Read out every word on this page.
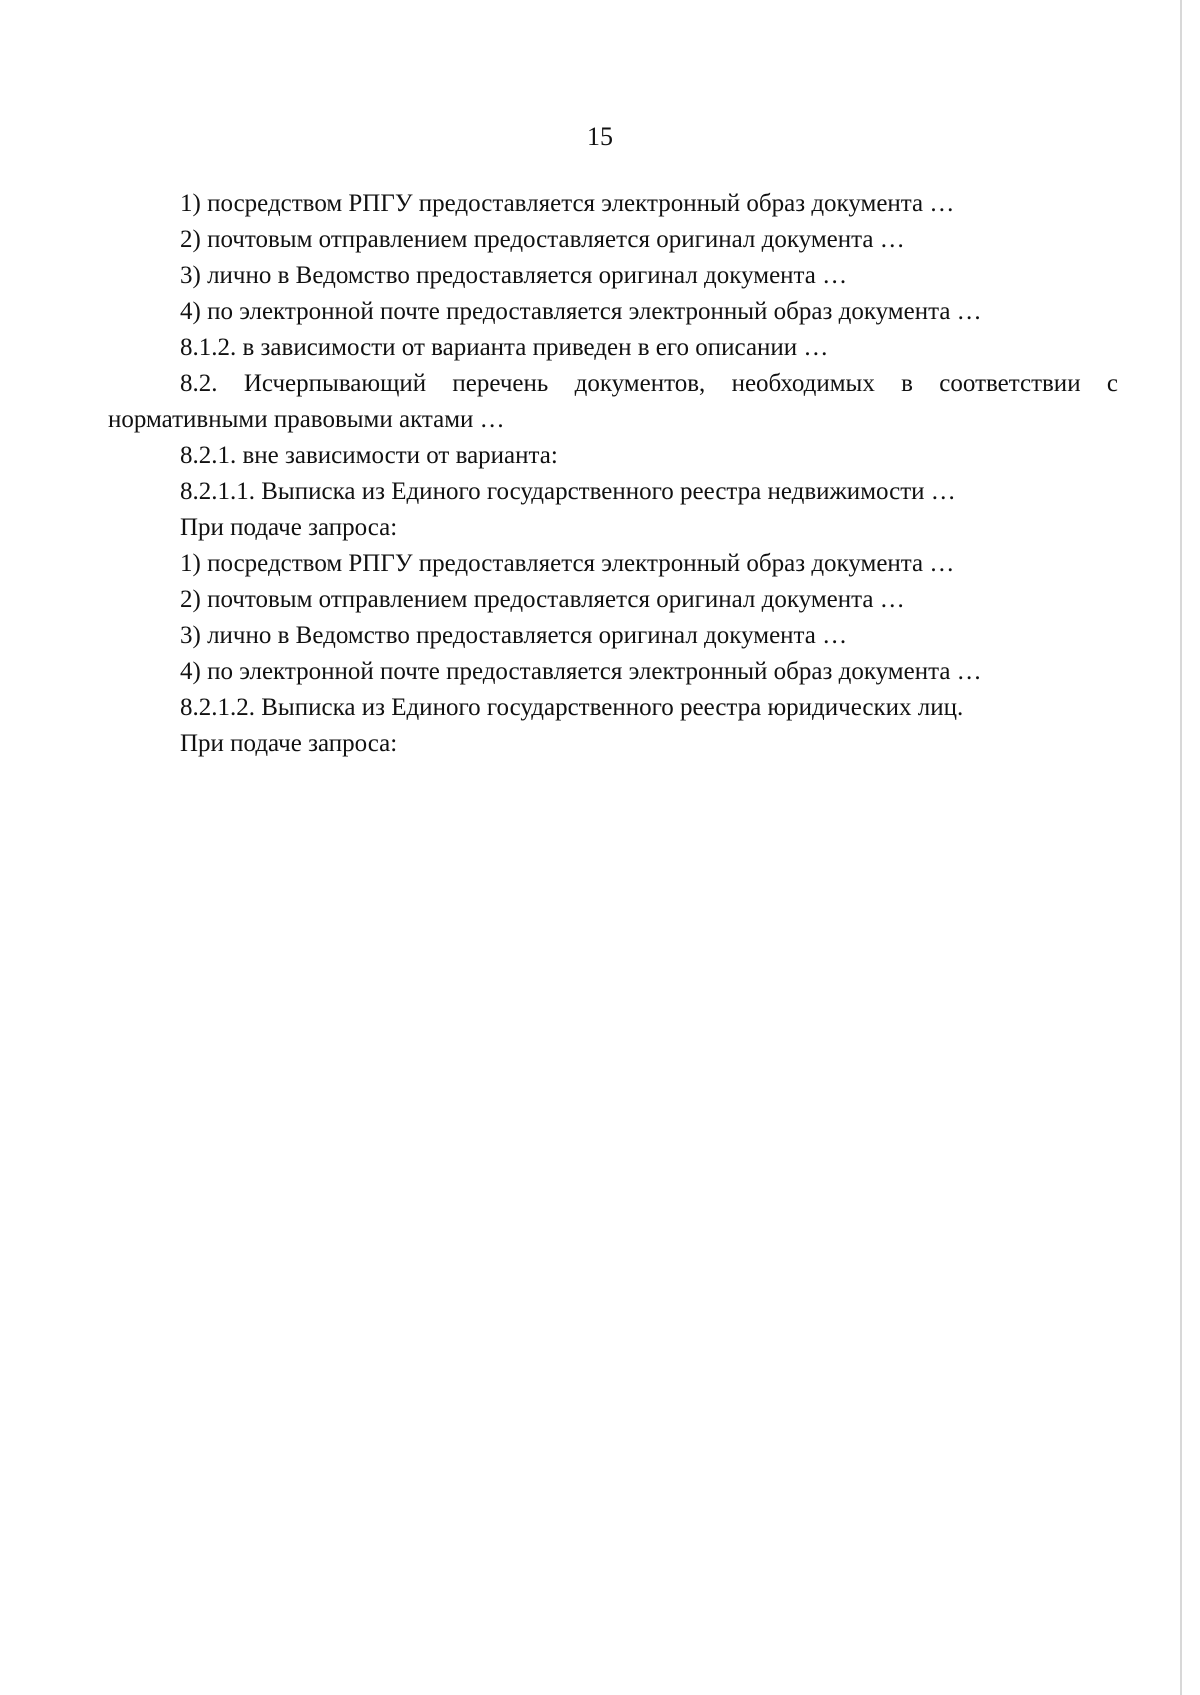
15

1) посредством РПГУ предоставляется электронный образ документа …

2) почтовым отправлением предоставляется оригинал документа …

3) лично в Ведомство предоставляется оригинал документа …

4) по электронной почте предоставляется электронный образ документа …

8.1.2. в зависимости от варианта приведен в его описании …

8.2. Исчерпывающий перечень документов, необходимых в соответствии с нормативными правовыми актами …

8.2.1. вне зависимости от варианта:

8.2.1.1. Выписка из Единого государственного реестра недвижимости …

При подаче запроса:

1) посредством РПГУ предоставляется электронный образ документа …

2) почтовым отправлением предоставляется оригинал документа …

3) лично в Ведомство предоставляется оригинал документа …

4) по электронной почте предоставляется электронный образ документа …

8.2.1.2. Выписка из Единого государственного реестра юридических лиц.

При подаче запроса:
